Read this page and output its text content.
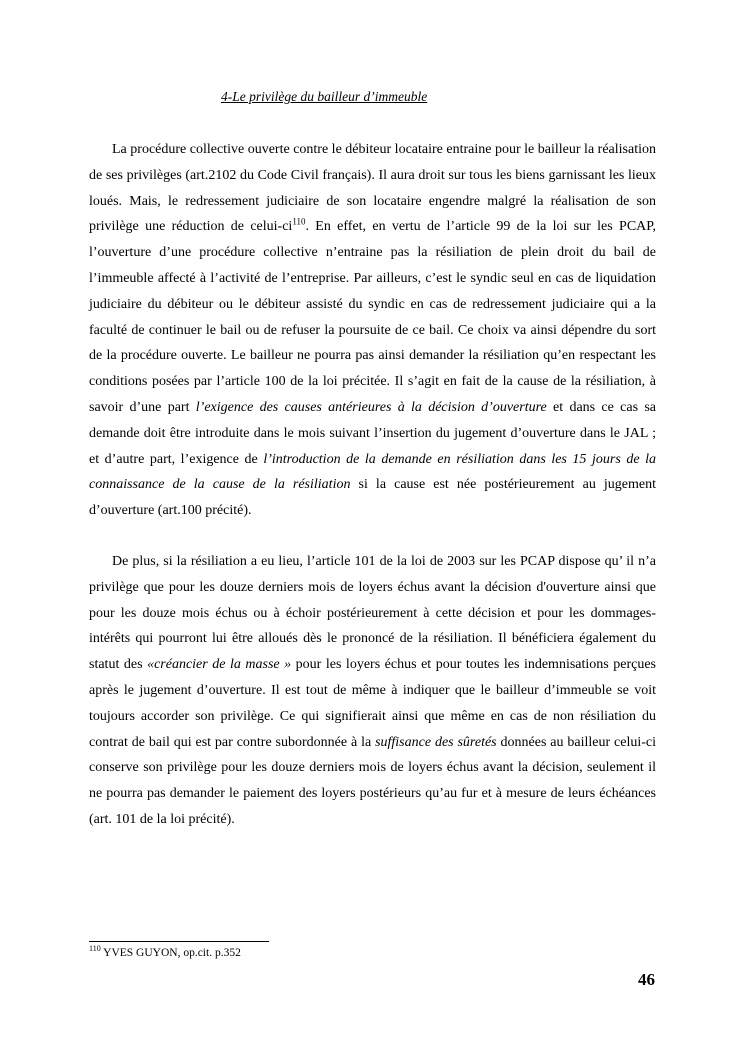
4-Le privilège du bailleur d’immeuble

La procédure collective ouverte contre le débiteur locataire entraine pour le bailleur la réalisation de ses privilèges (art.2102 du Code Civil français). Il aura droit sur tous les biens garnissant les lieux loués. Mais, le redressement judiciaire de son locataire engendre malgré la réalisation de son privilège une réduction de celui-$ci^{110}$. En effet, en vertu de l’article 99 de la loi sur les PCAP, l’ouverture d’une procédure collective n’entraine pas la résiliation de plein droit du bail de l’immeuble affecté à l’activité de l’entreprise. Par ailleurs, c’est le syndic seul en cas de liquidation judiciaire du débiteur ou le débiteur assisté du syndic en cas de redressement judiciaire qui a la faculté de continuer le bail ou de refuser la poursuite de ce bail. Ce choix va ainsi dépendre du sort de la procédure ouverte. Le bailleur ne pourra pas ainsi demander la résiliation qu’en respectant les conditions posées par l’article 100 de la loi précitée. Il s’agit en fait de la cause de la résiliation, à savoir d’une part l’exigence des causes antérieures à la décision d’ouverture et dans ce cas sa demande doit être introduite dans le mois suivant l’insertion du jugement d’ouverture dans le JAL ; et d’autre part, l’exigence de l’introduction de la demande en résiliation dans les 15 jours de la connaissance de la cause de la résiliation si la cause est née postérieurement au jugement d’ouverture (art.100 précité).

De plus, si la résiliation a eu lieu, l’article 101 de la loi de 2003 sur les PCAP dispose qu’ il n’a privilège que pour les douze derniers mois de loyers échus avant la décision d'ouverture ainsi que pour les douze mois échus ou à échoir postérieurement à cette décision et pour les dommages-intérêts qui pourront lui être alloués dès le prononcé de la résiliation. Il bénéficiera également du statut des «créancier de la masse » pour les loyers échus et pour toutes les indemnisations perçues après le jugement d’ouverture. Il est tout de même à indiquer que le bailleur d’immeuble se voit toujours accorder son privilège. Ce qui signifierait ainsi que même en cas de non résiliation du contrat de bail qui est par contre subordonnée à la suffisance des sûretés données au bailleur celui-ci conserve son privilège pour les douze derniers mois de loyers échus avant la décision, seulement il ne pourra pas demander le paiement des loyers postérieurs qu’au fur et à mesure de leurs échéances (art. 101 de la loi précité).

$^{110}$ YVES GUYON, op.cit. p.352
46
